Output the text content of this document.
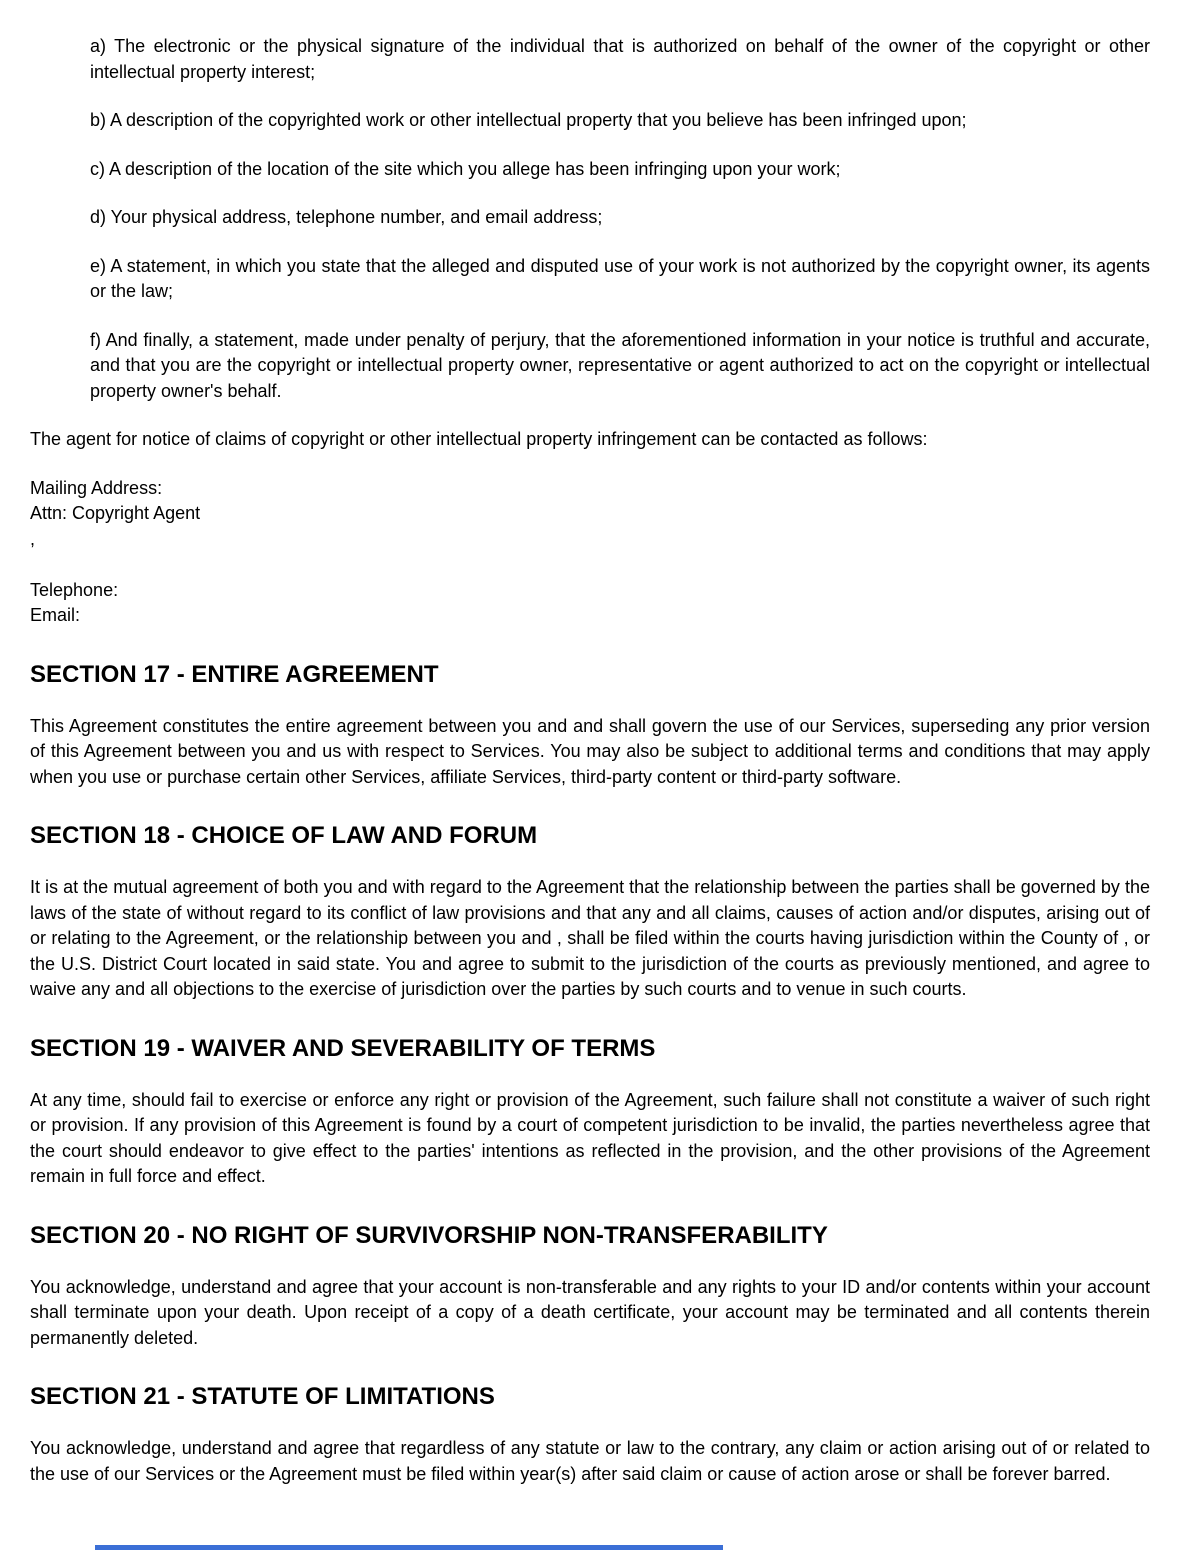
a) The electronic or the physical signature of the individual that is authorized on behalf of the owner of the copyright or other intellectual property interest;

b) A description of the copyrighted work or other intellectual property that you believe has been infringed upon;

c) A description of the location of the site which you allege has been infringing upon your work;

d) Your physical address, telephone number, and email address;

e) A statement, in which you state that the alleged and disputed use of your work is not authorized by the copyright owner, its agents or the law;

f) And finally, a statement, made under penalty of perjury, that the aforementioned information in your notice is truthful and accurate, and that you are the copyright or intellectual property owner, representative or agent authorized to act on the copyright or intellectual property owner's behalf.

The agent for notice of claims of copyright or other intellectual property infringement can be contacted as follows:

Mailing Address:
Attn: Copyright Agent
,
Telephone:
Email:
SECTION 17 - ENTIRE AGREEMENT

This Agreement constitutes the entire agreement between you and and shall govern the use of our Services, superseding any prior version of this Agreement between you and us with respect to Services. You may also be subject to additional terms and conditions that may apply when you use or purchase certain other Services, affiliate Services, third-party content or third-party software.

SECTION 18 - CHOICE OF LAW AND FORUM

It is at the mutual agreement of both you and with regard to the Agreement that the relationship between the parties shall be governed by the laws of the state of without regard to its conflict of law provisions and that any and all claims, causes of action and/or disputes, arising out of or relating to the Agreement, or the relationship between you and , shall be filed within the courts having jurisdiction within the County of , or the U.S. District Court located in said state. You and agree to submit to the jurisdiction of the courts as previously mentioned, and agree to waive any and all objections to the exercise of jurisdiction over the parties by such courts and to venue in such courts.

SECTION 19 - WAIVER AND SEVERABILITY OF TERMS

At any time, should fail to exercise or enforce any right or provision of the Agreement, such failure shall not constitute a waiver of such right or provision. If any provision of this Agreement is found by a court of competent jurisdiction to be invalid, the parties nevertheless agree that the court should endeavor to give effect to the parties' intentions as reflected in the provision, and the other provisions of the Agreement remain in full force and effect.

SECTION 20 - NO RIGHT OF SURVIVORSHIP NON-TRANSFERABILITY

You acknowledge, understand and agree that your account is non-transferable and any rights to your ID and/or contents within your account shall terminate upon your death. Upon receipt of a copy of a death certificate, your account may be terminated and all contents therein permanently deleted.

SECTION 21 - STATUTE OF LIMITATIONS

You acknowledge, understand and agree that regardless of any statute or law to the contrary, any claim or action arising out of or related to the use of our Services or the Agreement must be filed within year(s) after said claim or cause of action arose or shall be forever barred.
